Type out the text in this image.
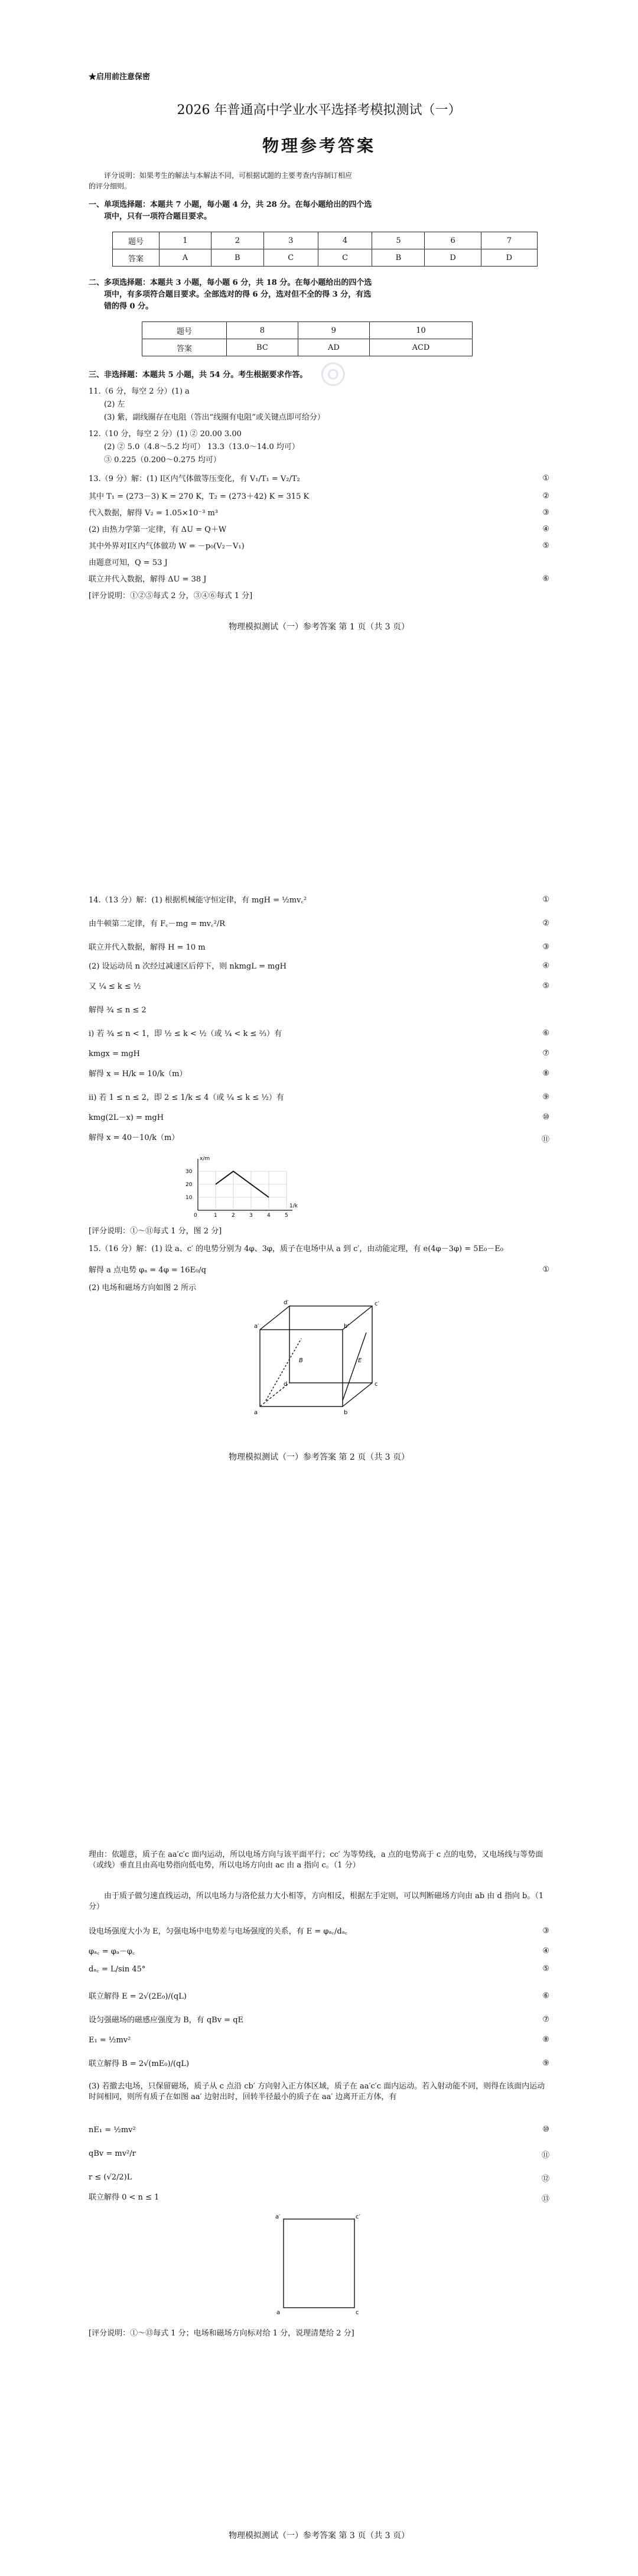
★启用前注意保密
2026 年普通高中学业水平选择考模拟测试（一）
物理参考答案
评分说明：如果考生的解法与本解法不同，可根据试题的主要考查内容制订相应
的评分细则。
一、单项选择题：本题共 7 小题，每小题 4 分，共 28 分。在每小题给出的四个选
项中，只有一项符合题目要求。
题号	1	2	3	4	5	6	7
答案	A	B	C	C	B	D	D
二、多项选择题：本题共 3 小题，每小题 6 分，共 18 分。在每小题给出的四个选
项中，有多项符合题目要求。全部选对的得 6 分，选对但不全的得 3 分，有选
错的得 0 分。
题号	8	9	10
答案	BC	AD	ACD
三、非选择题：本题共 5 小题，共 54 分。考生根据要求作答。
11.（6 分，每空 2 分）(1) a
(2) 左
(3) 紫，副线圈存在电阻（答出“线圈有电阻”或关键点即可给分）
12.（10 分，每空 2 分）(1) ② 20.00 3.00
(2) ② 5.0（4.8～5.2 均可） 13.3（13.0～14.0 均可）
③ 0.225（0.200～0.275 均可）
13.（9 分）解：(1) Ⅰ区内气体做等压变化，有 V₁/T₁ = V₂/T₂	①
其中 T₁ = (273－3) K = 270 K，T₂ = (273＋42) K = 315 K	②
代入数据，解得 V₂ = 1.05×10⁻³ m³	③
(2) 由热力学第一定律，有 ΔU = Q＋W	④
其中外界对Ⅰ区内气体做功 W = －p₀(V₂－V₁)	⑤
由题意可知，Q = 53 J
联立并代入数据，解得 ΔU = 38 J	⑥
[评分说明：①②⑤每式 2 分，③④⑥每式 1 分]
◎
物理模拟测试（一）参考答案 第 1 页（共 3 页）
14.（13 分）解：(1) 根据机械能守恒定律，有 mgH = ½mv꜀²	①
由牛顿第二定律，有 F꜀－mg = mv꜀²/R	②
联立并代入数据，解得 H = 10 m	③
(2) 设运动员 n 次经过减速区后停下，则 nkmgL = mgH	④
又 ¼ ≤ k ≤ ½	⑤
解得 ¾ ≤ n ≤ 2
i) 若 ¾ ≤ n < 1，即 ½ ≤ k < ½（或 ¼ < k ≤ ⅔）有	⑥
kmgx = mgH	⑦
解得 x = H/k = 10/k（m）	⑧
ii) 若 1 ≤ n ≤ 2，即 2 ≤ 1/k ≤ 4（或 ¼ ≤ k ≤ ½）有	⑨
kmg(2L－x) = mgH	⑩
解得 x = 40－10/k（m）	⑪
10
20
30
0	1	2	3	4	5
x/m
1/k
[评分说明：①～⑪每式 1 分，图 2 分]
15.（16 分）解：(1) 设 a、c′ 的电势分别为 4φ、3φ，质子在电场中从 a 到 c′，由动能定理，有 e(4φ－3φ) = 5E₀－E₀
解得 a 点电势 φₐ = 4φ = 16E₀/q	①
(2) 电场和磁场方向如图 2 所示
a	b
c
d
a′	b′
c′
d′
B	E
物理模拟测试（一）参考答案 第 2 页（共 3 页）
理由：依题意，质子在 aa′c′c 面内运动，所以电场方向与该平面平行；cc′ 为等势线，a 点的电势高于 c 点的电势，又电场线与等势面（或线）垂直且由高电势指向低电势，所以电场方向由 ac 由 a 指向 c。（1 分）
由于质子做匀速直线运动，所以电场力与洛伦兹力大小相等，方向相反，根据左手定则，可以判断磁场方向由 ab 由 d 指向 b。（1 分）
设电场强度大小为 E，匀强电场中电势差与电场强度的关系，有 E = φₐ꜀/dₐ꜀	③
φₐ꜀ = φₐ－φ꜀	④
dₐ꜀ = L/sin 45°	⑤
联立解得 E = 2√(2E₀)/(qL)	⑥
设匀强磁场的磁感应强度为 B，有 qBv = qE	⑦
E₁ = ½mv²	⑧
联立解得 B = 2√(mE₀)/(qL)	⑨
(3) 若撤去电场，只保留磁场，质子从 c 点沿 cb′ 方向射入正方体区域，质子在 aa′c′c 面内运动。若入射动能不同，则得在该面内运动时间相同，则所有质子在如图 aa′ 边射出时，回转半径最小的质子在 aa′ 边离开正方体，有
nE₁ = ½mv²	⑩
qBv = mv²/r	⑪
r ≤ (√2/2)L	⑫
联立解得 0 < n ≤ 1	⑬
a	c
a′	c′
[评分说明：①～⑬每式 1 分；电场和磁场方向标对给 1 分，说理清楚给 2 分]
物理模拟测试（一）参考答案 第 3 页（共 3 页）
